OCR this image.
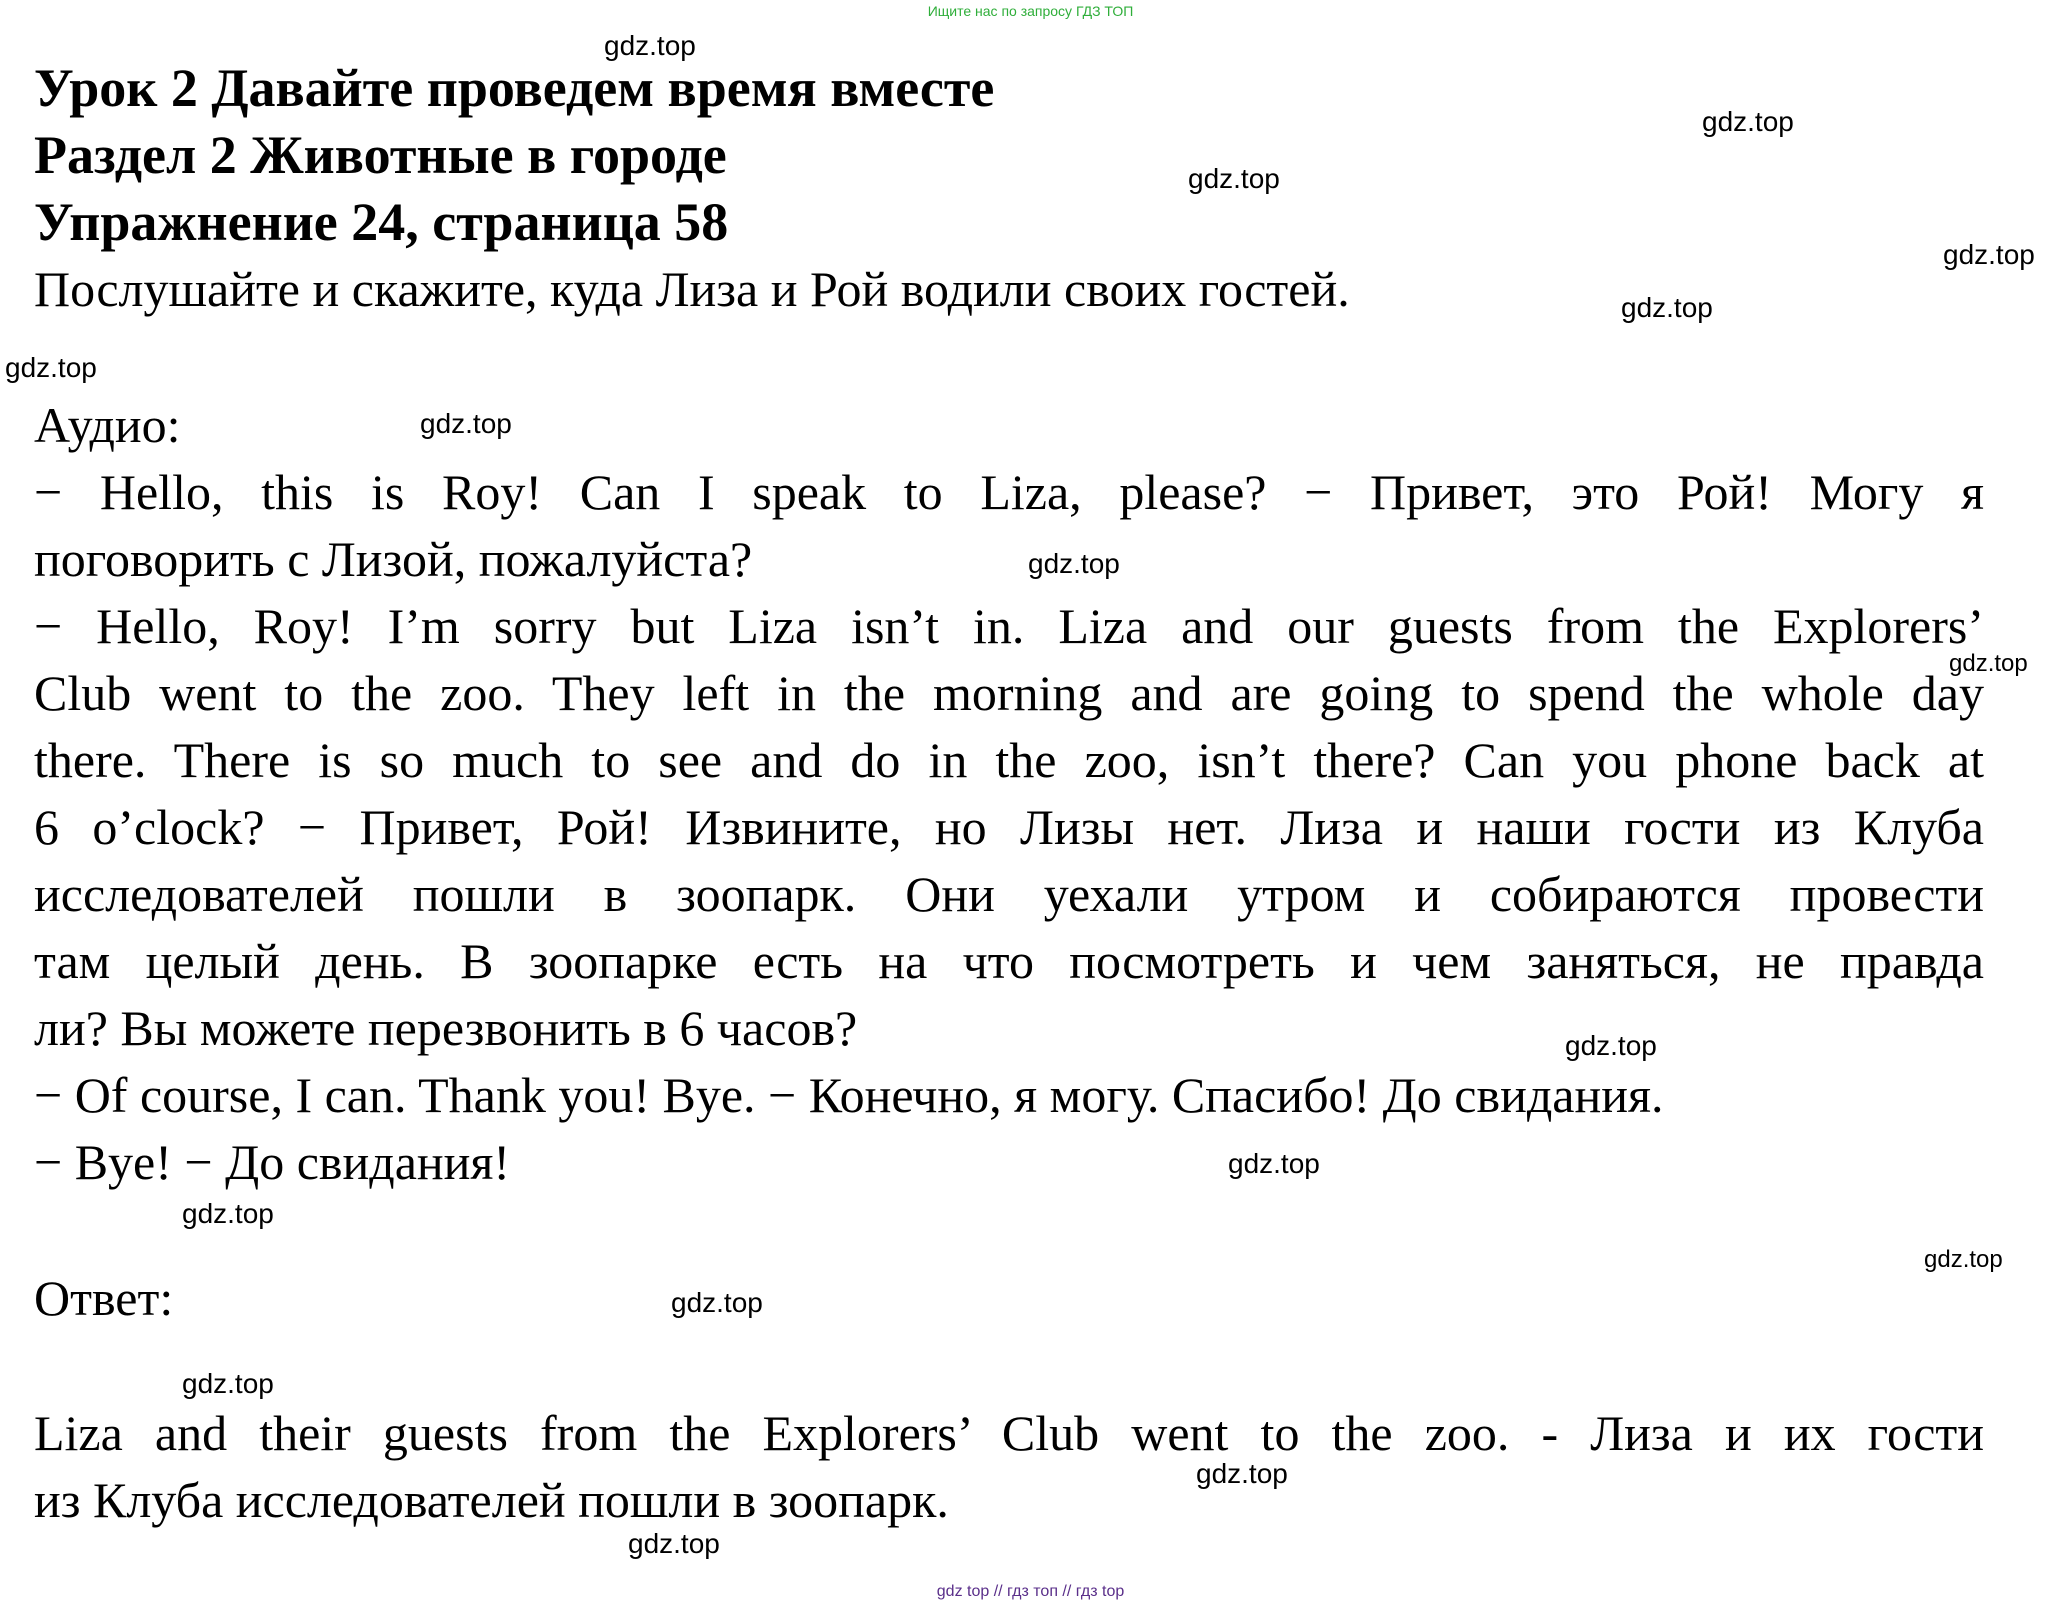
Ищите нас по запросу ГДЗ ТОП
Урок 2 Давайте проведем время вместе
Раздел 2 Животные в городе
Упражнение 24, страница 58
Послушайте и скажите, куда Лиза и Рой водили своих гостей.
Аудио:
− Hello, this is Roy! Can I speak to Liza, please? − Привет, это Рой! Могу я
поговорить с Лизой, пожалуйста?
− Hello, Roy! I’m sorry but Liza isn’t in. Liza and our guests from the Explorers’
Club went to the zoo. They left in the morning and are going to spend the whole day
there. There is so much to see and do in the zoo, isn’t there? Can you phone back at
6 o’clock? − Привет, Рой! Извините, но Лизы нет. Лиза и наши гости из Клуба
исследователей пошли в зоопарк. Они уехали утром и собираются провести
там целый день. В зоопарке есть на что посмотреть и чем заняться, не правда
ли? Вы можете перезвонить в 6 часов?
− Of course, I can. Thank you! Bye. − Конечно, я могу. Спасибо! До свидания.
− Bye! − До свидания!
Ответ:
Liza and their guests from the Explorers’ Club went to the zoo. - Лиза и их гости
из Клуба исследователей пошли в зоопарк.
gdz.top
gdz.top
gdz.top
gdz.top
gdz.top
gdz.top
gdz.top
gdz.top
gdz.top
gdz.top
gdz.top
gdz.top
gdz.top
gdz.top
gdz.top
gdz.top
gdz.top
gdz top // гдз топ // гдз top
